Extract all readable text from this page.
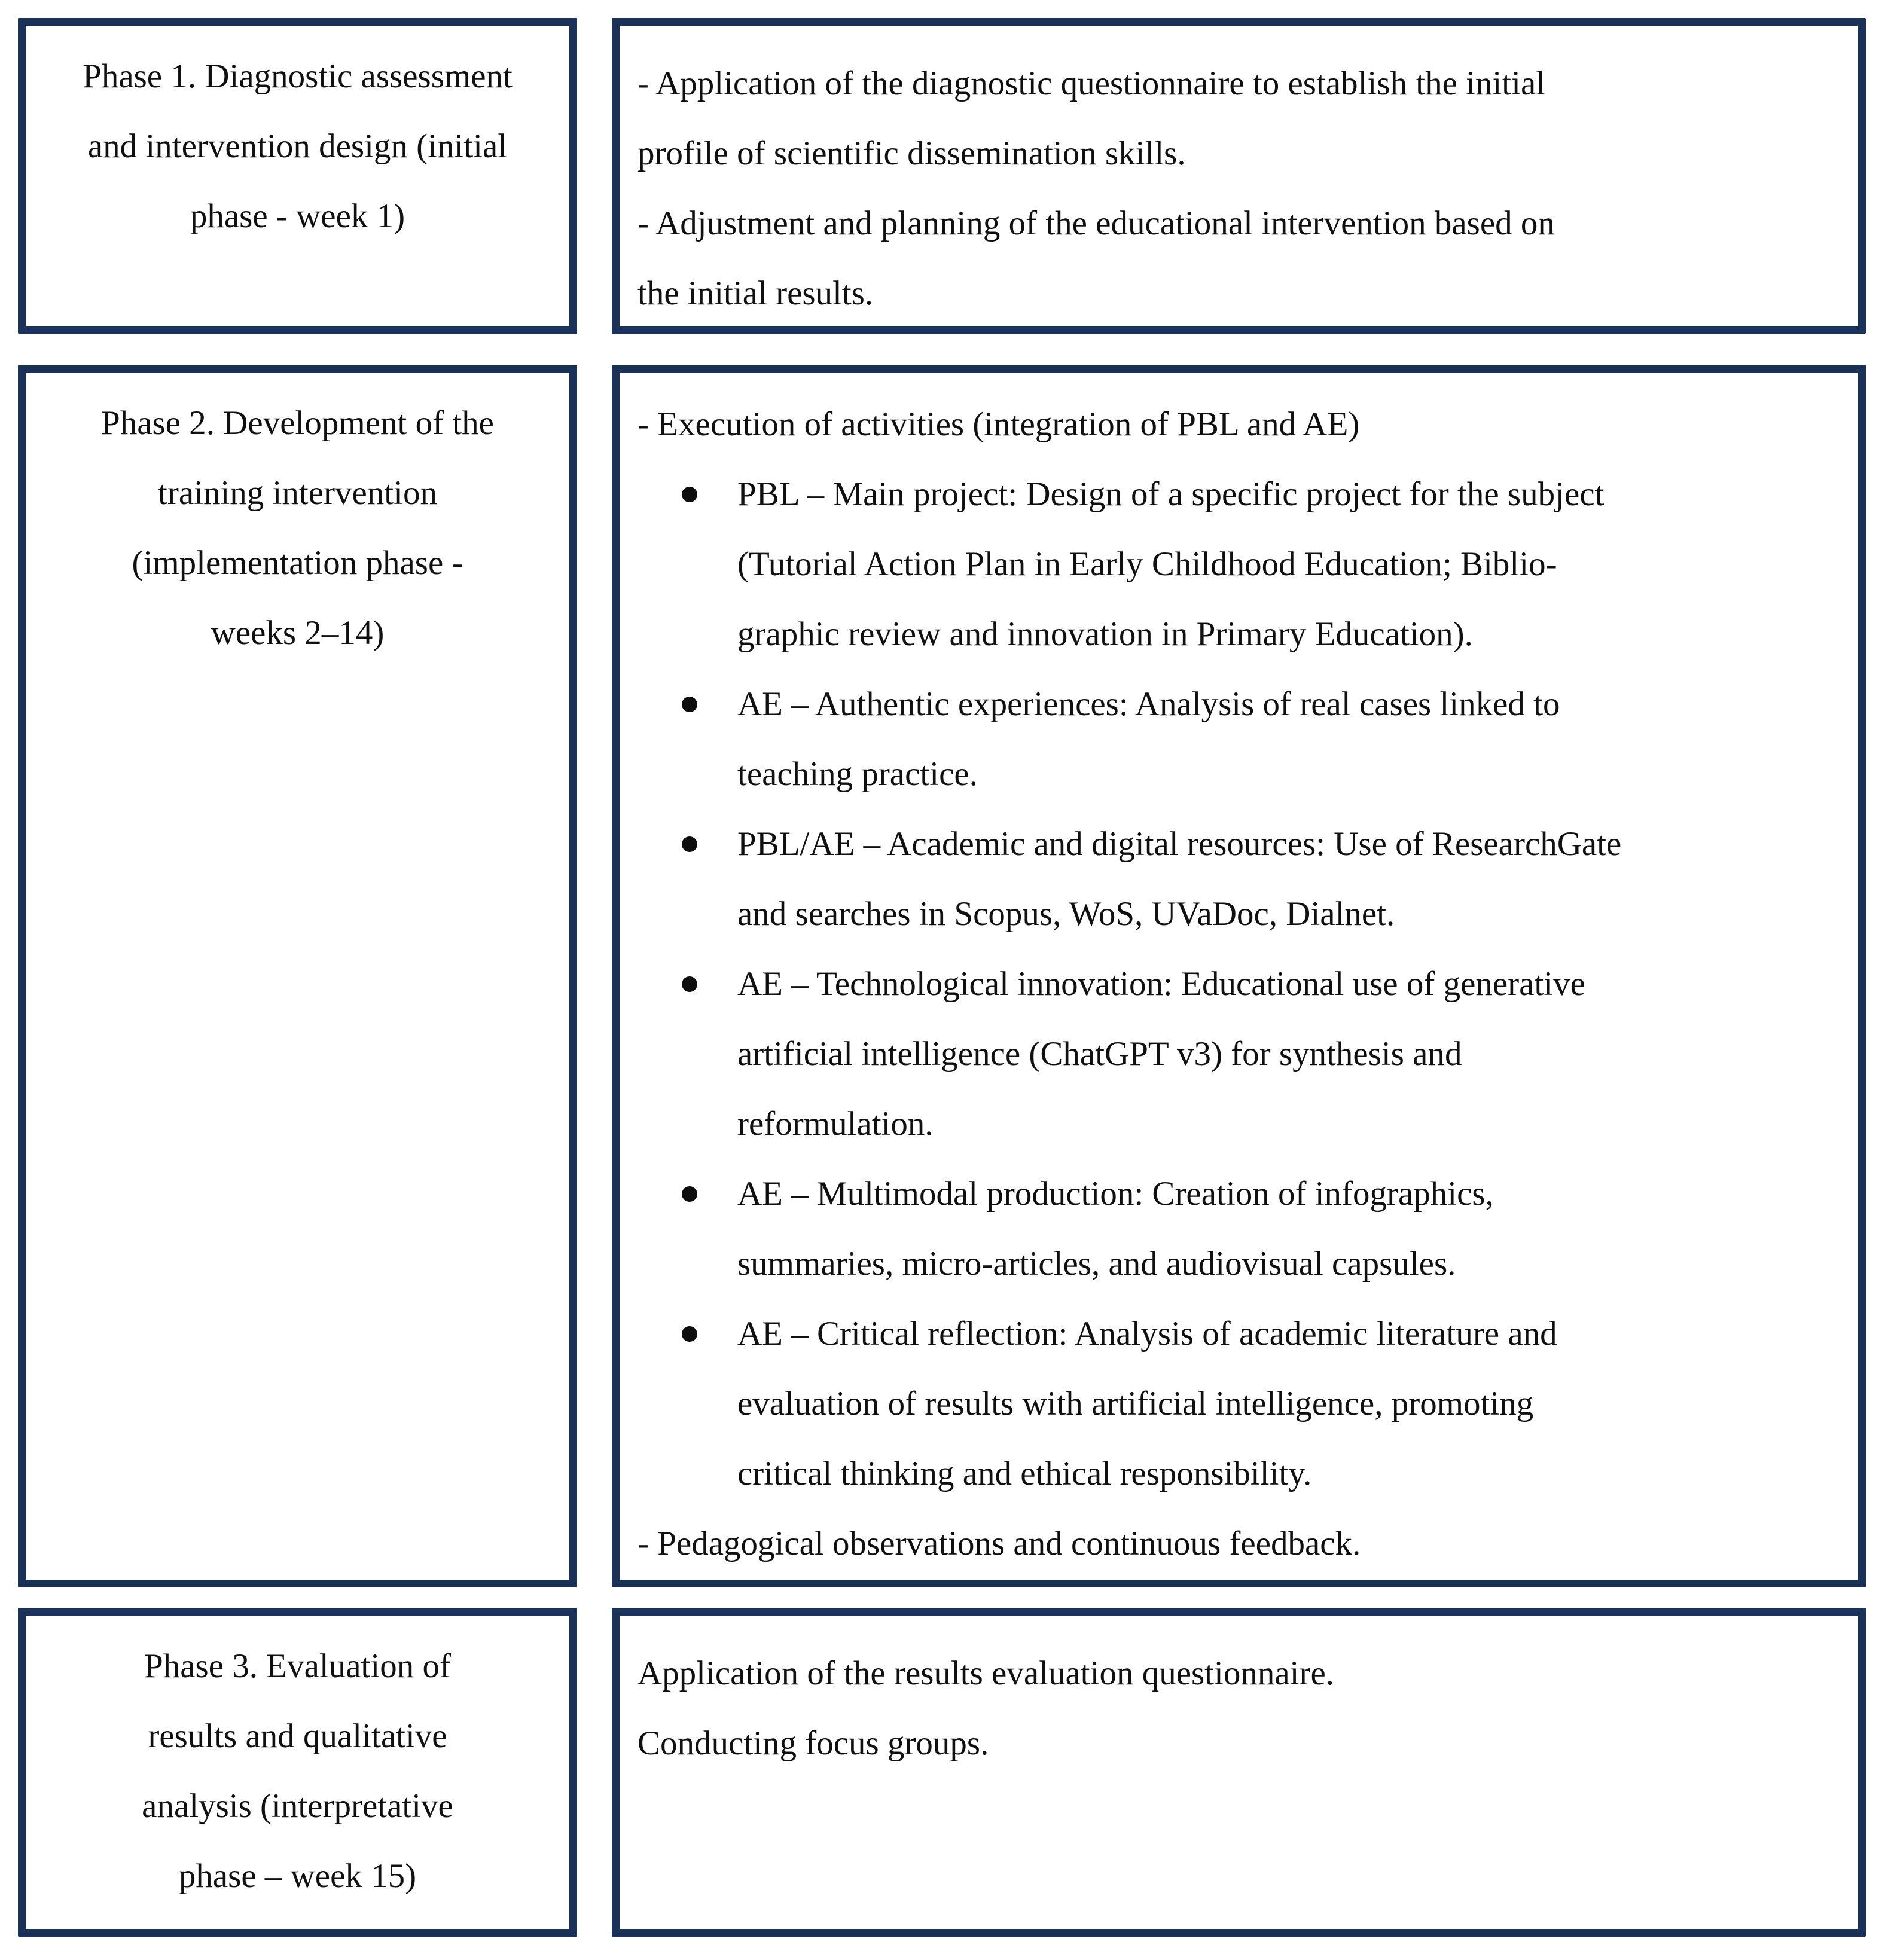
Phase 1. Diagnostic assessment
and intervention design (initial
phase - week 1)
- Application of the diagnostic questionnaire to establish the initial
profile of scientific dissemination skills.
- Adjustment and planning of the educational intervention based on
the initial results.
Phase 2. Development of the
training intervention
(implementation phase -
weeks 2–14)
- Execution of activities (integration of PBL and AE)
PBL – Main project: Design of a specific project for the subject
(Tutorial Action Plan in Early Childhood Education; Biblio-
graphic review and innovation in Primary Education).
AE – Authentic experiences: Analysis of real cases linked to
teaching practice.
PBL/AE – Academic and digital resources: Use of ResearchGate
and searches in Scopus, WoS, UVaDoc, Dialnet.
AE – Technological innovation: Educational use of generative
artificial intelligence (ChatGPT v3) for synthesis and
reformulation.
AE – Multimodal production: Creation of infographics,
summaries, micro-articles, and audiovisual capsules.
AE – Critical reflection: Analysis of academic literature and
evaluation of results with artificial intelligence, promoting
critical thinking and ethical responsibility.
- Pedagogical observations and continuous feedback.
Phase 3. Evaluation of
results and qualitative
analysis (interpretative
phase – week 15)
Application of the results evaluation questionnaire.
Conducting focus groups.
